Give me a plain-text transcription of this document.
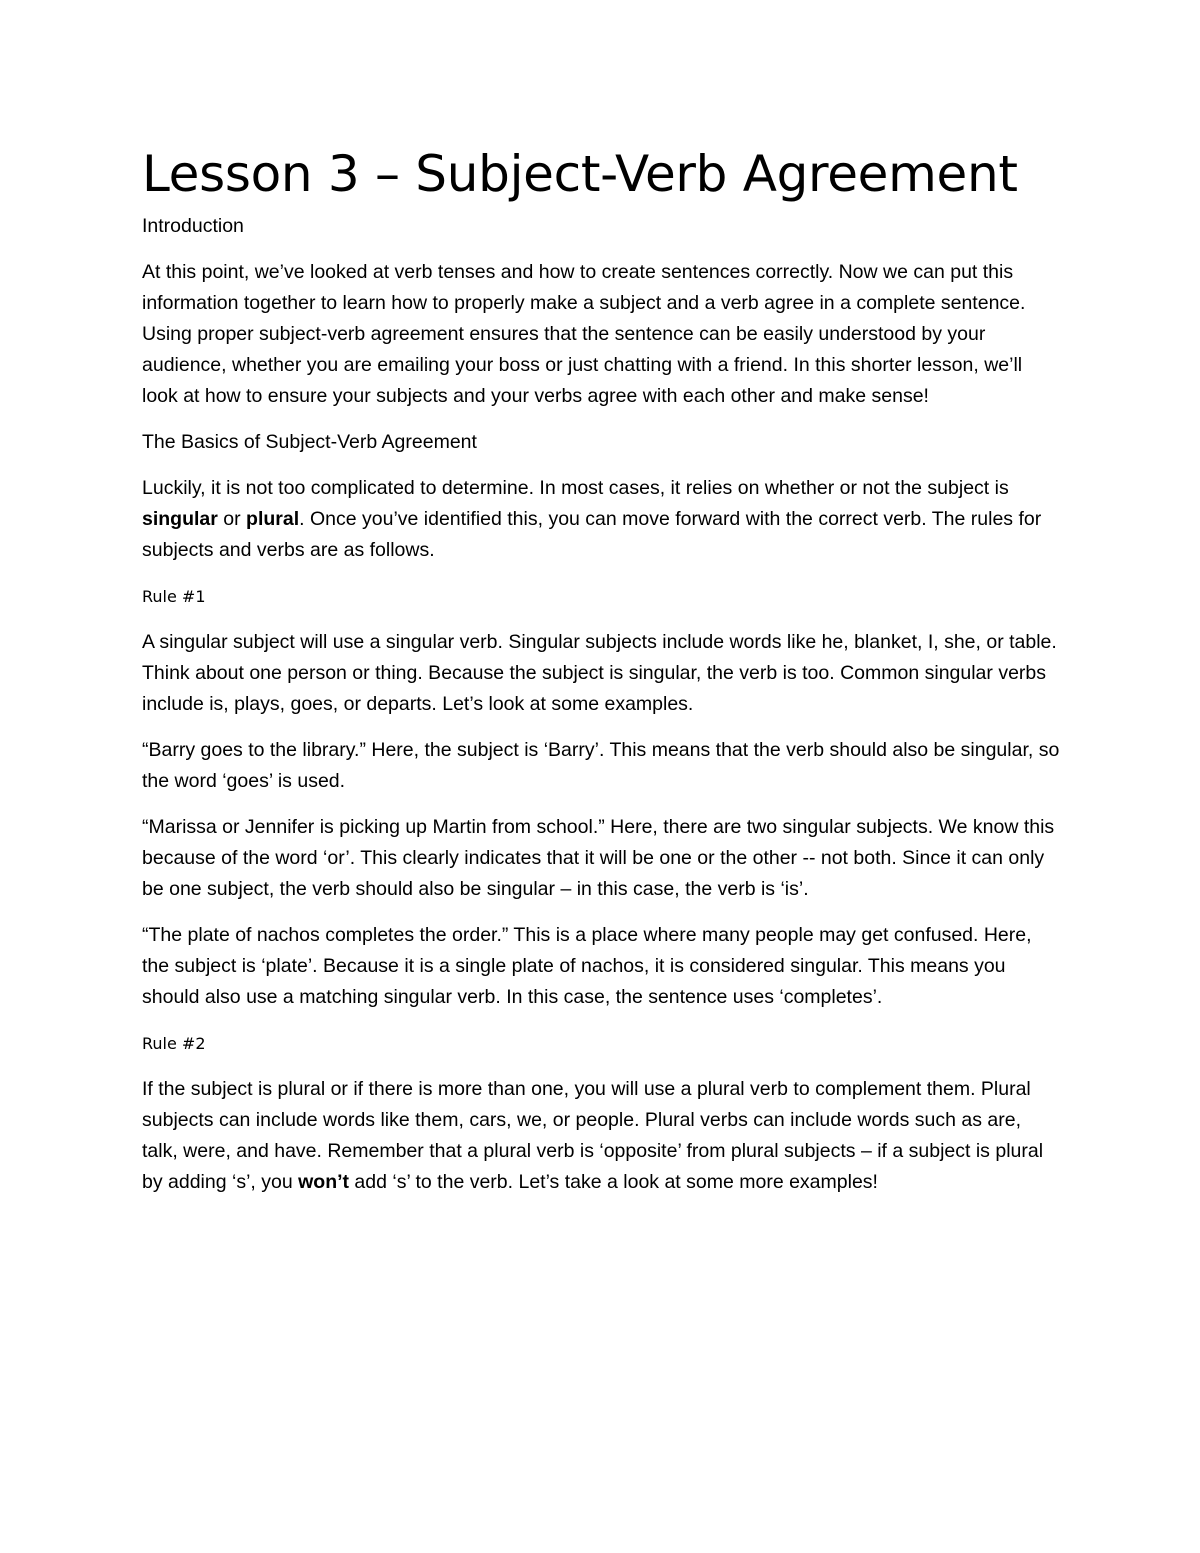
Lesson 3 – Subject-Verb Agreement

Introduction

At this point, we’ve looked at verb tenses and how to create sentences correctly. Now we can put this information together to learn how to properly make a subject and a verb agree in a complete sentence. Using proper subject-verb agreement ensures that the sentence can be easily understood by your audience, whether you are emailing your boss or just chatting with a friend. In this shorter lesson, we’ll look at how to ensure your subjects and your verbs agree with each other and make sense!

The Basics of Subject-Verb Agreement

Luckily, it is not too complicated to determine. In most cases, it relies on whether or not the subject is singular or plural. Once you’ve identified this, you can move forward with the correct verb. The rules for subjects and verbs are as follows.

Rule #1

A singular subject will use a singular verb. Singular subjects include words like he, blanket, I, she, or table. Think about one person or thing. Because the subject is singular, the verb is too. Common singular verbs include is, plays, goes, or departs. Let’s look at some examples.

“Barry goes to the library.” Here, the subject is ‘Barry’. This means that the verb should also be singular, so the word ‘goes’ is used.

“Marissa or Jennifer is picking up Martin from school.” Here, there are two singular subjects. We know this because of the word ‘or’. This clearly indicates that it will be one or the other -- not both. Since it can only be one subject, the verb should also be singular – in this case, the verb is ‘is’.

“The plate of nachos completes the order.” This is a place where many people may get confused. Here, the subject is ‘plate’. Because it is a single plate of nachos, it is considered singular. This means you should also use a matching singular verb. In this case, the sentence uses ‘completes’.

Rule #2

If the subject is plural or if there is more than one, you will use a plural verb to complement them. Plural subjects can include words like them, cars, we, or people. Plural verbs can include words such as are, talk, were, and have. Remember that a plural verb is ‘opposite’ from plural subjects – if a subject is plural by adding ‘s’, you won’t add ‘s’ to the verb. Let’s take a look at some more examples!
